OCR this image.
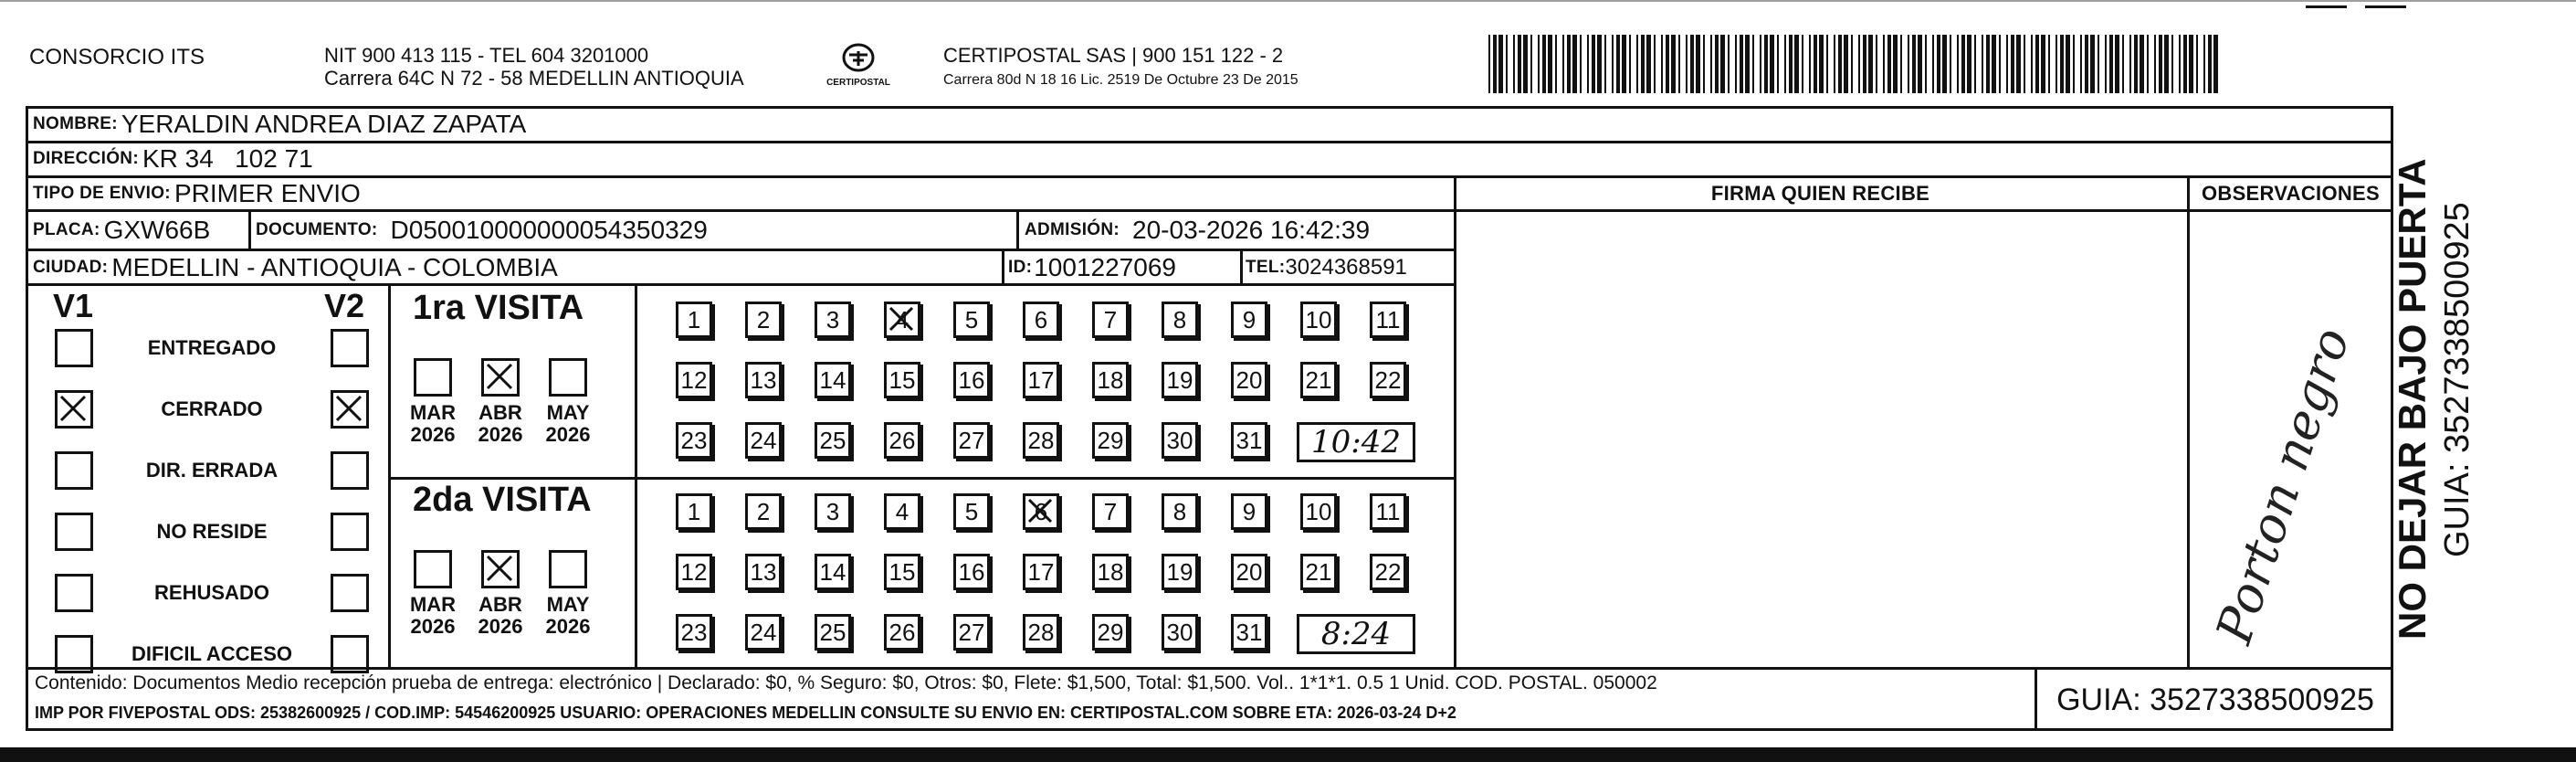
CONSORCIO ITS	NIT 900 413 115 - TEL 604 3201000
Carrera 64C N 72 - 58 MEDELLIN ANTIOQUIA	CERTIPOSTAL
CERTIPOSTAL SAS | 900 151 122 - 2
Carrera 80d N 18 16 Lic. 2519 De Octubre 23 De 2015
NOMBRE: YERALDIN ANDREA DIAZ ZAPATA
DIRECCIÓN: KR 34   102 71
TIPO DE ENVIO: PRIMER ENVIO	FIRMA QUIEN RECIBE	OBSERVACIONES
PLACA: GXW66B	DOCUMENTO: D050010000000054350329	ADMISIÓN: 20-03-2026 16:42:39
CIUDAD: MEDELLIN - ANTIOQUIA - COLOMBIA	ID: 1001227069	TEL: 3024368591
V1	V2
ENTREGADO
CERRADO
DIR. ERRADA
NO RESIDE
REHUSADO
DIFICIL ACCESO
1ra VISITA
MAR
2026
ABR
2026
MAY
2026
1	2	3	4	5	6	7	8	9	10 11
12 13 14 15 16 17 18 19 20 21 22
23 24 25 26 27 28 29 30 31	10:42
2da VISITA
MAR
2026
ABR
2026
MAY
2026
1	2	3	4	5	6	7	8	9	10 11
12 13 14 15 16 17 18 19 20 21 22
23 24 25 26 27 28 29 30 31	8:24	Porton negro NO DEJAR BAJO PUERTA GUIA: 3527338500925
Contenido: Documentos Medio recepción prueba de entrega: electrónico | Declarado: $0, % Seguro: $0, Otros: $0, Flete: $1,500, Total: $1,500. Vol.. 1*1*1. 0.5 1 Unid. COD. POSTAL. 050002
IMP POR FIVEPOSTAL ODS: 25382600925 / COD.IMP: 54546200925 USUARIO: OPERACIONES MEDELLIN CONSULTE SU ENVIO EN: CERTIPOSTAL.COM SOBRE ETA: 2026-03-24 D+2	GUIA: 3527338500925
